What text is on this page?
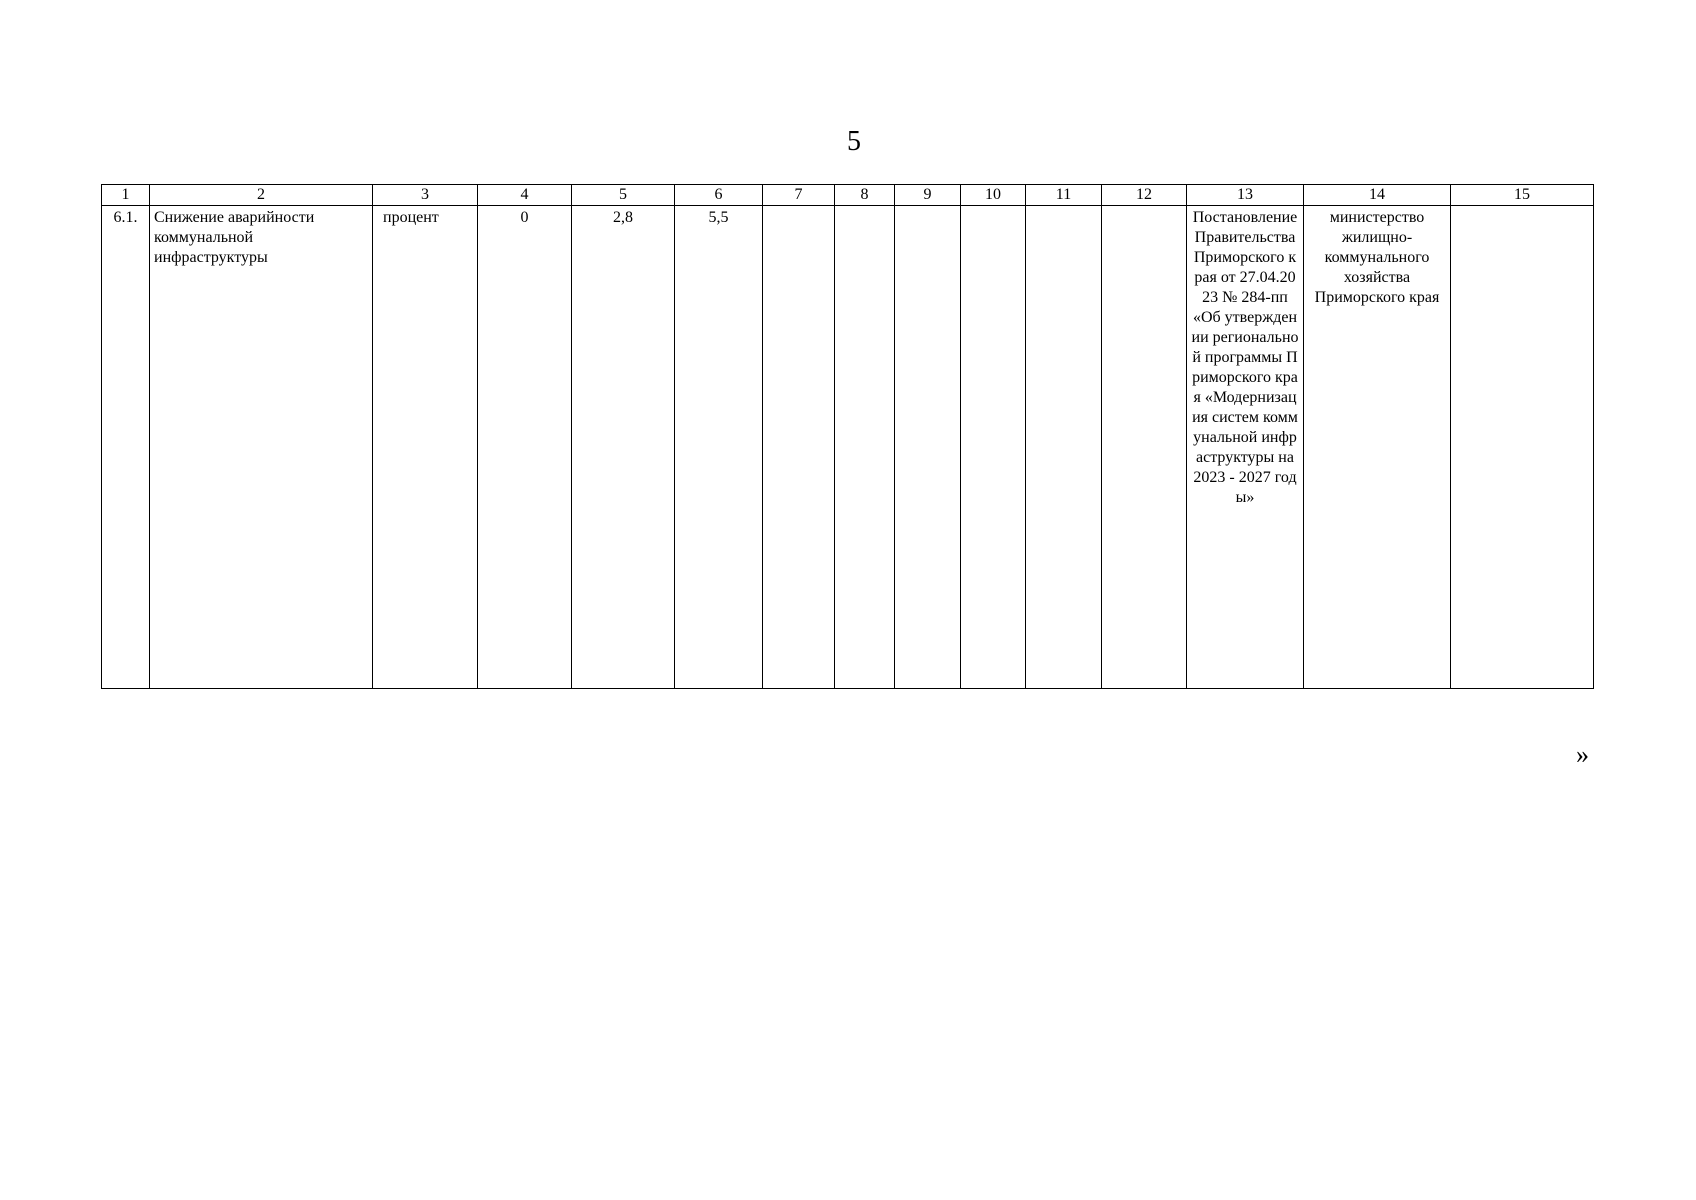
5
1	2	3	4	5	6	7	8	9	10	11	12	13	14	15
6.1.	Снижение аварийности коммунальной инфраструктуры	процент	0	2,8	5,5							Постановление Правительства Приморского края от 27.04.2023 № 284-пп «Об утверждении региональной программы Приморского края «Модернизация систем коммунальной инфраструктуры на 2023 - 2027 годы»	министерство жилищно-коммунального хозяйства Приморского края	
»
